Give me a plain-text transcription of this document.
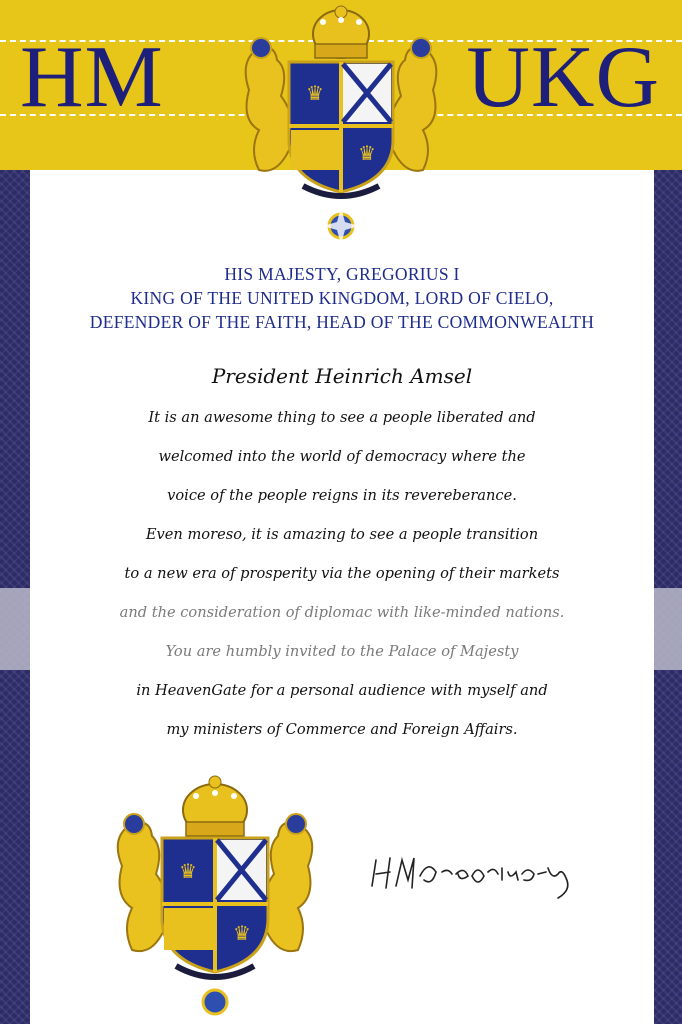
HM	UKG
♛
♛
HIS MAJESTY, GREGORIUS I
KING OF THE UNITED KINGDOM, LORD OF CIELO,
DEFENDER OF THE FAITH, HEAD OF THE COMMONWEALTH
President Heinrich Amsel
It is an awesome thing to see a people liberated and
welcomed into the world of democracy where the
voice of the people reigns in its revereberance.
Even moreso, it is amazing to see a people transition
to a new era of prosperity via the opening of their markets
and the consideration of diplomac with like-minded nations.
You are humbly invited to the Palace of Majesty
in HeavenGate for a personal audience with myself and
my ministers of Commerce and Foreign Affairs.
♛
♛
